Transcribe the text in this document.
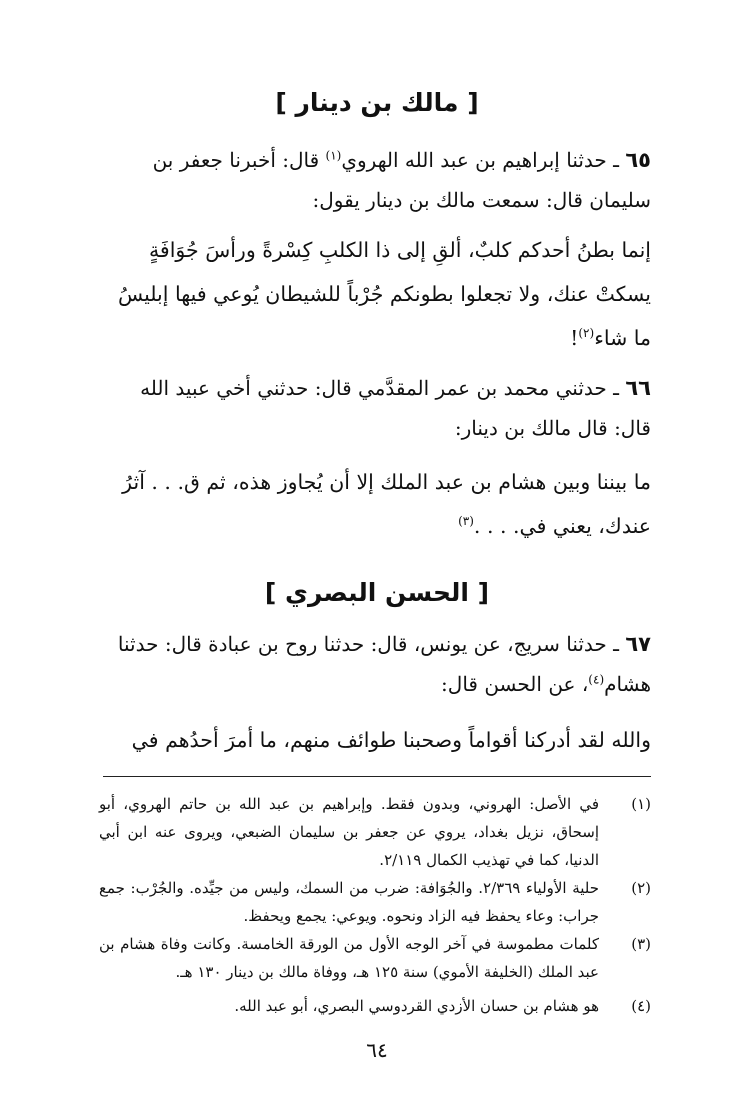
[ مالك بن دينار ]
٦٥ ـ حدثنا إبراهيم بن عبد الله الهروي$^{(١)}$ قال: أخبرنا جعفر بن سليمان قال: سمعت مالك بن دينار يقول:
إنما بطنُ أحدكم كلبٌ، ألقِ إلى ذا الكلبِ كِسْرةً ورأسَ جُوَافَةٍ يسكتْ عنك، ولا تجعلوا بطونكم جُرْباً للشيطان يُوعي فيها إبليسُ ما شاء$^{(٢)}$!
٦٦ ـ حدثني محمد بن عمر المقدَّمي قال: حدثني أخي عبيد الله قال: قال مالك بن دينار:
ما بيننا وبين هشام بن عبد الملك إلا أن يُجاوز هذه، ثم ق. . . آثرُ عندك، يعني في. . . .$^{(٣)}$
[ الحسن البصري ]
٦٧ ـ حدثنا سريج، عن يونس، قال: حدثنا روح بن عبادة قال: حدثنا هشام$^{(٤)}$، عن الحسن قال:
والله لقد أدركنا أقواماً وصحبنا طوائف منهم، ما أمرَ أحدُهم في
(١)
في الأصل: الهروني، وبدون فقط. وإبراهيم بن عبد الله بن حاتم الهروي، أبو إسحاق، نزيل بغداد، يروي عن جعفر بن سليمان الضبعي، ويروى عنه ابن أبي الدنيا، كما في تهذيب الكمال ٢/١١٩.
(٢)
حلية الأولياء ٢/٣٦٩. والجُوَافة: ضرب من السمك، وليس من جيِّده. والجُرْب: جمع جراب: وعاء يحفظ فيه الزاد ونحوه. ويوعي: يجمع ويحفظ.
(٣)
كلمات مطموسة في آخر الوجه الأول من الورقة الخامسة. وكانت وفاة هشام بن عبد الملك (الخليفة الأموي) سنة ١٢٥ هـ، ووفاة مالك بن دينار ١٣٠ هـ.
(٤)
هو هشام بن حسان الأزدي القردوسي البصري، أبو عبد الله.
٦٤
